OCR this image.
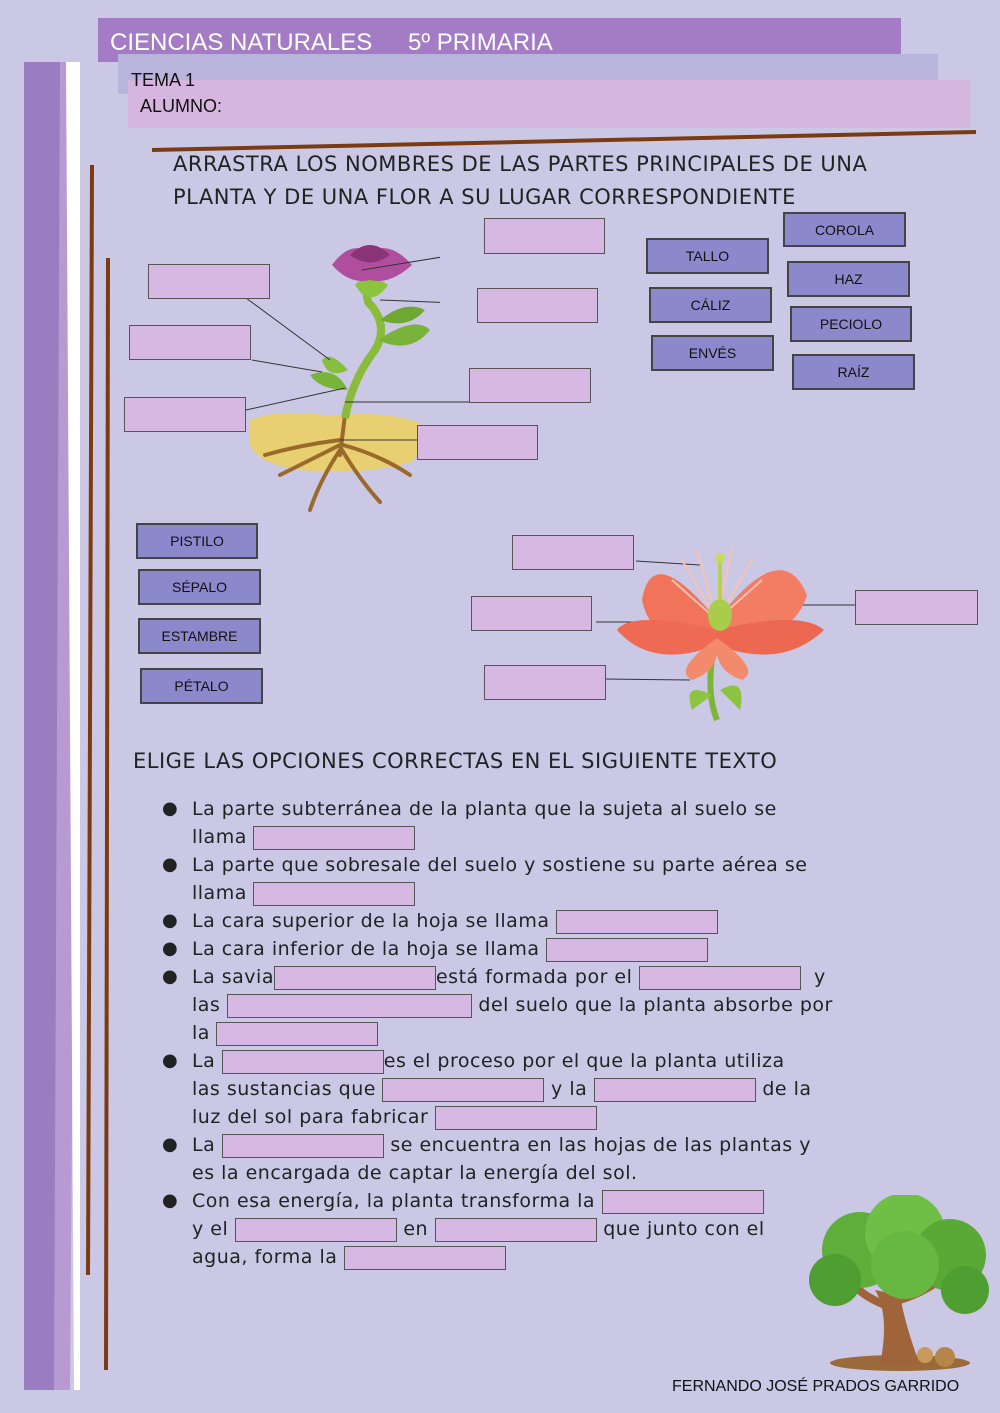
CIENCIAS NATURALES 5º PRIMARIA
TEMA 1
ALUMNO:
ARRASTRA LOS NOMBRES DE LAS PARTES PRINCIPALES DE UNA
PLANTA Y DE UNA FLOR A SU LUGAR CORRESPONDIENTE
COROLA
TALLO
HAZ
CÁLIZ
PECIOLO
ENVÉS
RAÍZ
PISTILO
SÉPALO
ESTAMBRE
PÉTALO
ELIGE LAS OPCIONES CORRECTAS EN EL SIGUIENTE TEXTO
● La parte subterránea de la planta que la sujeta al suelo se
llama
● La parte que sobresale del suelo y sostiene su parte aérea se
llama
● La cara superior de la hoja se llama
● La cara inferior de la hoja se llama
● La savia	está formada por el	y
las	del suelo que la planta absorbe por
la
● La	es el proceso por el que la planta utiliza
las sustancias que	y la	de la
luz del sol para fabricar
● La	se encuentra en las hojas de las plantas y
es la encargada de captar la energía del sol.
● Con esa energía, la planta transforma la
y el	en	que junto con el
agua, forma la
FERNANDO JOSÉ PRADOS GARRIDO
